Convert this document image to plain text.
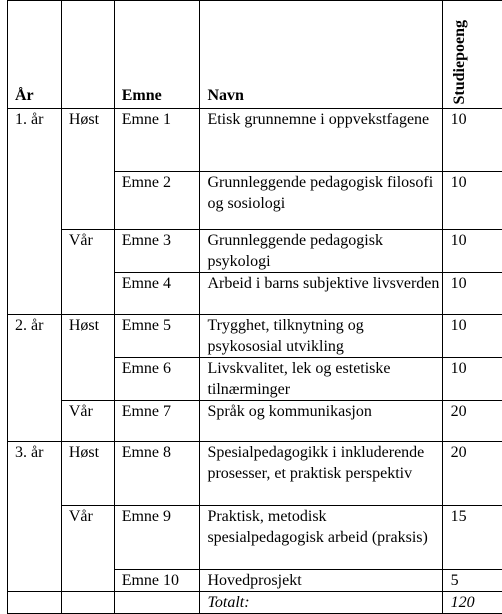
År		Emne	Navn	Studiepoeng

1. år	Høst	Emne 1	Etisk grunnemne i oppvekstfagene	10
		Emne 2	Grunnleggende pedagogisk filosofi og sosiologi	10
	Vår	Emne 3	Grunnleggende pedagogisk psykologi	10
		Emne 4	Arbeid i barns subjektive livsverden	10
2. år	Høst	Emne 5	Trygghet, tilknytning og psykososial utvikling	10
		Emne 6	Livskvalitet, lek og estetiske tilnærminger	10
	Vår	Emne 7	Språk og kommunikasjon	20
3. år	Høst	Emne 8	Spesialpedagogikk i inkluderende prosesser, et praktisk perspektiv	20
	Vår	Emne 9	Praktisk, metodisk spesialpedagogisk arbeid (praksis)	15
		Emne 10	Hovedprosjekt	5
			Totalt:	120
